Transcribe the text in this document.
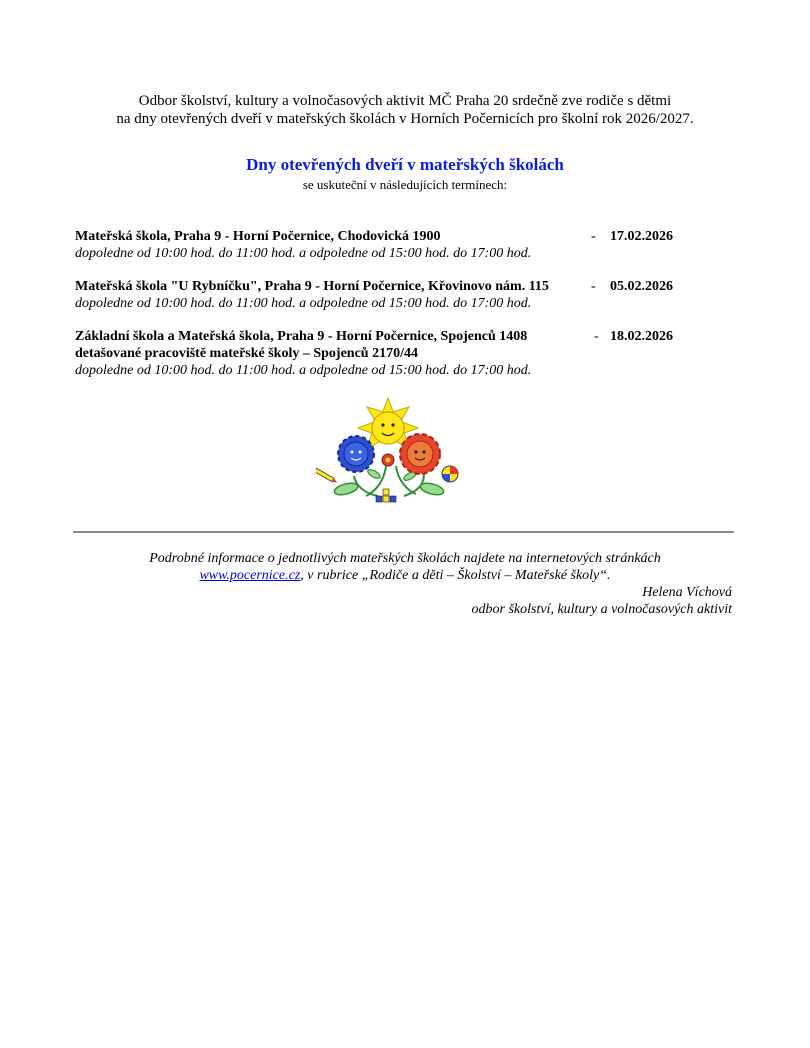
Odbor školství, kultury a volnočasových aktivit MČ Praha 20 srdečně zve rodiče s dětmi
na dny otevřených dveří v mateřských školách v Horních Počernicích pro školní rok 2026/2027.
Dny otevřených dveří v mateřských školách
se uskuteční v následujících termínech:
Mateřská škola, Praha 9 - Horní Počernice, Chodovická 1900	- 17.02.2026
dopoledne od 10:00 hod. do 11:00 hod. a odpoledne od 15:00 hod. do 17:00 hod.
Mateřská škola "U Rybníčku", Praha 9 - Horní Počernice, Křovinovo nám. 115	- 05.02.2026
dopoledne od 10:00 hod. do 11:00 hod. a odpoledne od 15:00 hod. do 17:00 hod.
Základní škola a Mateřská škola, Praha 9 - Horní Počernice, Spojenců 1408
detašované pracoviště mateřské školy – Spojenců 2170/44
- 18.02.2026
dopoledne od 10:00 hod. do 11:00 hod. a odpoledne od 15:00 hod. do 17:00 hod.
Podrobné informace o jednotlivých mateřských školách najdete na internetových stránkách
www.pocernice.cz, v rubrice „Rodiče a děti – Školství – Mateřské školy“.
Helena Víchová
odbor školství, kultury a volnočasových aktivit
